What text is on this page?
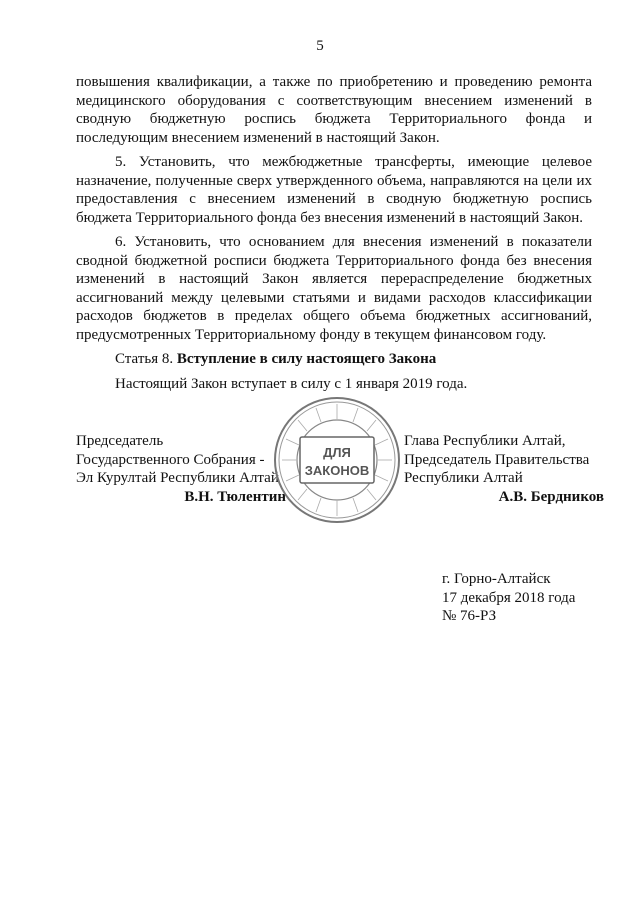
5

повышения квалификации, а также по приобретению и проведению ремонта медицинского оборудования с соответствующим внесением изменений в сводную бюджетную роспись бюджета Территориального фонда и последующим внесением изменений в настоящий Закон.

5. Установить, что межбюджетные трансферты, имеющие целевое назначение, полученные сверх утвержденного объема, направляются на цели их предоставления с внесением изменений в сводную бюджетную роспись бюджета Территориального фонда без внесения изменений в настоящий Закон.

6. Установить, что основанием для внесения изменений в показатели сводной бюджетной росписи бюджета Территориального фонда без внесения изменений в настоящий Закон является перераспределение бюджетных ассигнований между целевыми статьями и видами расходов классификации расходов бюджетов в пределах общего объема бюджетных ассигнований, предусмотренных Территориальному фонду в текущем финансовом году.

Статья 8. Вступление в силу настоящего Закона
Настоящий Закон вступает в силу с 1 января 2019 года.
Председатель
Государственного Собрания -
Эл Курултай Республики Алтай
В.Н. Тюлентин
Глава Республики Алтай,
Председатель Правительства
Республики Алтай
А.В. Бердников
ДЛЯ
ЗАКОНОВ
г. Горно-Алтайск
17 декабря 2018 года
№ 76-РЗ
